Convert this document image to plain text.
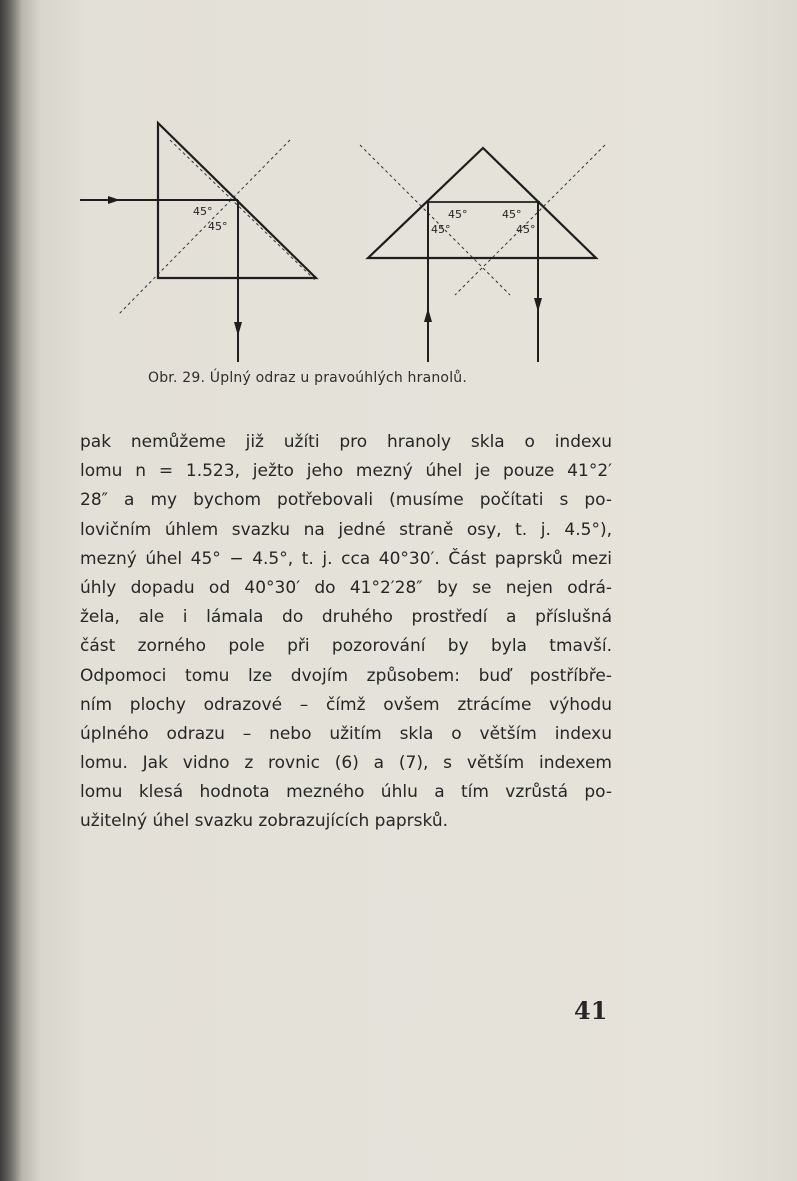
45°
45°
45°
45°
45°
45°
Obr. 29. Úplný odraz u pravoúhlých hranolů.
pak nemůžeme již užíti pro hranoly skla o indexu
lomu n = 1.523, ježto jeho mezný úhel je pouze 41°2′
28″ a my bychom potřebovali (musíme počítati s po-
lovičním úhlem svazku na jedné straně osy, t. j. 4.5°),
mezný úhel 45° − 4.5°, t. j. cca 40°30′. Část paprsků mezi
úhly dopadu od 40°30′ do 41°2′28″ by se nejen odrá-
žela, ale i lámala do druhého prostředí a příslušná
část zorného pole při pozorování by byla tmavší.
Odpomoci tomu lze dvojím způsobem: buď postříbře-
ním plochy odrazové – čímž ovšem ztrácíme výhodu
úplného odrazu – nebo užitím skla o větším indexu
lomu. Jak vidno z rovnic (6) a (7), s větším indexem
lomu klesá hodnota mezného úhlu a tím vzrůstá po-
užitelný úhel svazku zobrazujících paprsků.
41
